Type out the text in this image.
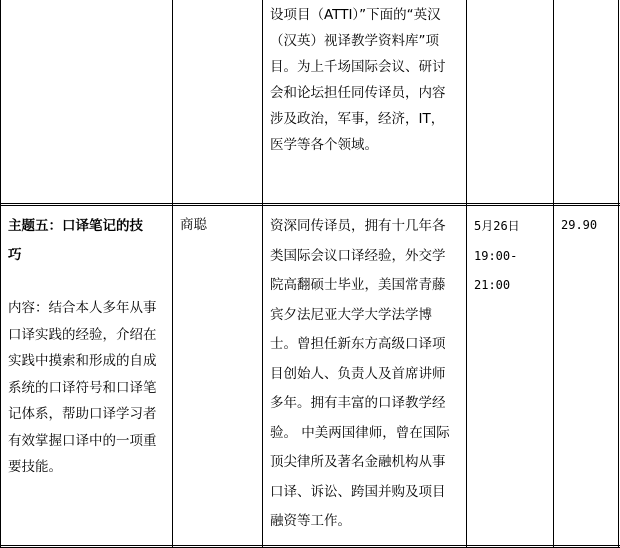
设项目（ATTI）”下面的“英汉
（汉英）视译教学资料库”项
目。为上千场国际会议、研讨
会和论坛担任同传译员，内容
涉及政治，军事，经济，IT，
医学等各个领域。
主题五：口译笔记的技
巧
内容：结合本人多年从事
口译实践的经验，介绍在
实践中摸索和形成的自成
系统的口译符号和口译笔
记体系，帮助口译学习者
有效掌握口译中的一项重
要技能。
商聪	资深同传译员，拥有十几年各
类国际会议口译经验，外交学
院高翻硕士毕业，美国常青藤
宾夕法尼亚大学大学法学博
士。曾担任新东方高级口译项
目创始人、负责人及首席讲师
多年。拥有丰富的口译教学经
验。 中美两国律师，曾在国际
顶尖律所及著名金融机构从事
口译、诉讼、跨国并购及项目
融资等工作。
5月26日
19:00-
21:00
29.90
